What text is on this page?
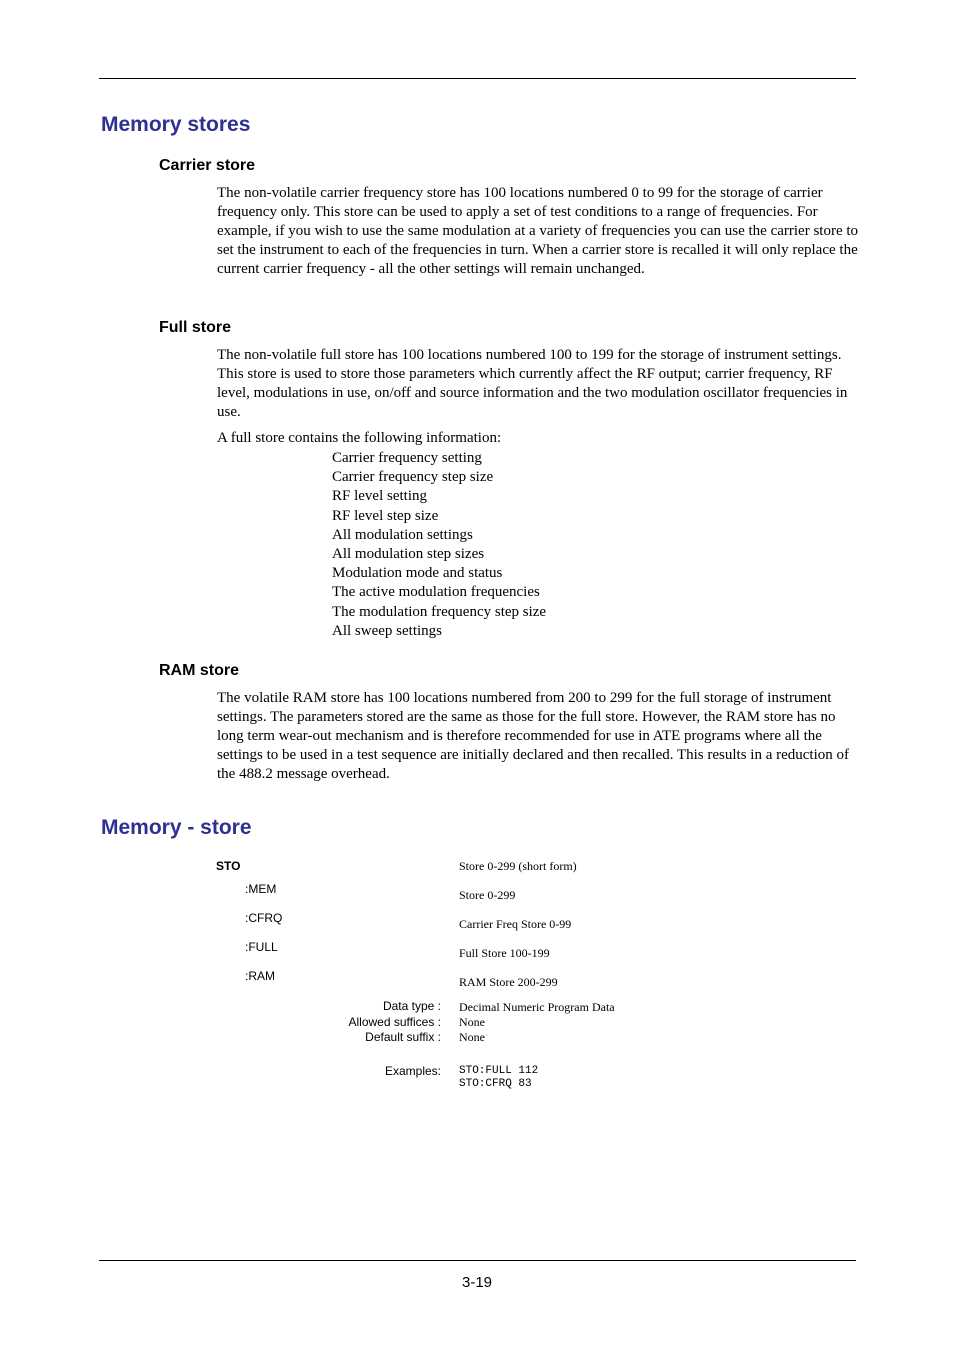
Memory stores
Carrier store

The non-volatile carrier frequency store has 100 locations numbered 0 to 99 for the storage of carrier frequency only. This store can be used to apply a set of test conditions to a range of frequencies. For example, if you wish to use the same modulation at a variety of frequencies you can use the carrier store to set the instrument to each of the frequencies in turn. When a carrier store is recalled it will only replace the current carrier frequency - all the other settings will remain unchanged.

Full store

The non-volatile full store has 100 locations numbered 100 to 199 for the storage of instrument settings. This store is used to store those parameters which currently affect the RF output; carrier frequency, RF level, modulations in use, on/off and source information and the two modulation oscillator frequencies in use.

A full store contains the following information:

Carrier frequency setting
Carrier frequency step size
RF level setting
RF level step size
All modulation settings
All modulation step sizes
Modulation mode and status
The active modulation frequencies
The modulation frequency step size
All sweep settings
RAM store

The volatile RAM store has 100 locations numbered from 200 to 299 for the full storage of instrument settings. The parameters stored are the same as those for the full store. However, the RAM store has no long term wear-out mechanism and is therefore recommended for use in ATE programs where all the settings to be used in a test sequence are initially declared and then recalled. This results in a reduction of the 488.2 message overhead.

Memory - store
STO	Store 0-299 (short form)
:MEM	Store 0-299
:CFRQ	Carrier Freq Store 0-99
:FULL	Full Store 100-199
:RAM	RAM Store 200-299
Data type : Decimal Numeric Program Data
Allowed suffices : None
Default suffix : None
Examples: STO:FULL 112
STO:CFRQ 83
3-19
